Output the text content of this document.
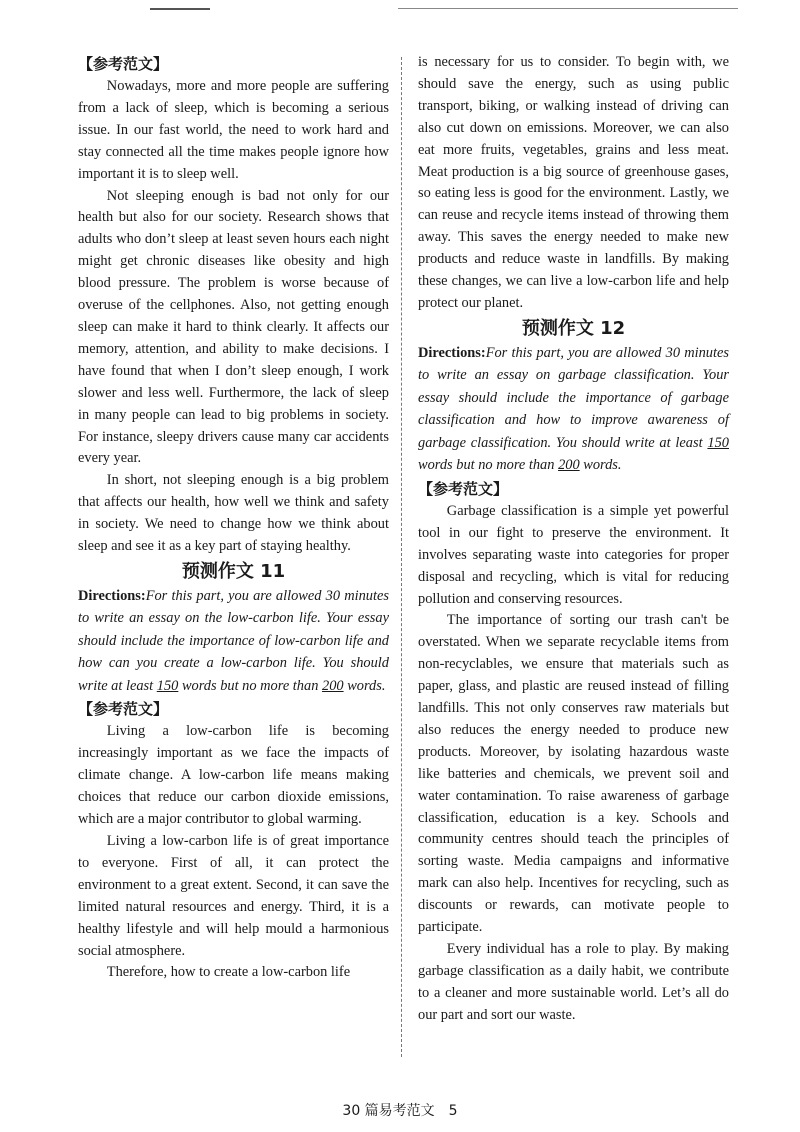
【参考范文】

Nowadays, more and more people are suffering from a lack of sleep, which is becoming a serious issue. In our fast world, the need to work hard and stay connected all the time makes people ignore how important it is to sleep well.

Not sleeping enough is bad not only for our health but also for our society. Research shows that adults who don’t sleep at least seven hours each night might get chronic diseases like obesity and high blood pressure. The problem is worse because of overuse of the cellphones. Also, not getting enough sleep can make it hard to think clearly. It affects our memory, attention, and ability to make decisions. I have found that when I don’t sleep enough, I work slower and less well. Furthermore, the lack of sleep in many people can lead to big problems in society. For instance, sleepy drivers cause many car accidents every year.

In short, not sleeping enough is a big problem that affects our health, how well we think and safety in society. We need to change how we think about sleep and see it as a key part of staying healthy.

预测作文 11

Directions:For this part, you are allowed 30 minutes to write an essay on the low-carbon life. Your essay should include the importance of low-carbon life and how can you create a low-carbon life. You should write at least 150 words but no more than 200 words.

【参考范文】

Living a low-carbon life is becoming increasingly important as we face the impacts of climate change. A low-carbon life means making choices that reduce our carbon dioxide emissions, which are a major contributor to global warming.

Living a low-carbon life is of great importance to everyone. First of all, it can protect the environment to a great extent. Second, it can save the limited natural resources and energy. Third, it is a healthy lifestyle and will help mould a harmonious social atmosphere.

Therefore, how to create a low-carbon life

is necessary for us to consider. To begin with, we should save the energy, such as using public transport, biking, or walking instead of driving can also cut down on emissions. Moreover, we can also eat more fruits, vegetables, grains and less meat. Meat production is a big source of greenhouse gases, so eating less is good for the environment. Lastly, we can reuse and recycle items instead of throwing them away. This saves the energy needed to make new products and reduce waste in landfills. By making these changes, we can live a low-carbon life and help protect our planet.

预测作文 12

Directions:For this part, you are allowed 30 minutes to write an essay on garbage classification. Your essay should include the importance of garbage classification and how to improve awareness of garbage classification. You should write at least 150 words but no more than 200 words.

【参考范文】

Garbage classification is a simple yet powerful tool in our fight to preserve the environment. It involves separating waste into categories for proper disposal and recycling, which is vital for reducing pollution and conserving resources.

The importance of sorting our trash can't be overstated. When we separate recyclable items from non-recyclables, we ensure that materials such as paper, glass, and plastic are reused instead of filling landfills. This not only conserves raw materials but also reduces the energy needed to produce new products. Moreover, by isolating hazardous waste like batteries and chemicals, we prevent soil and water contamination. To raise awareness of garbage classification, education is a key. Schools and community centres should teach the principles of sorting waste. Media campaigns and informative mark can also help. Incentives for recycling, such as discounts or rewards, can motivate people to participate.

Every individual has a role to play. By making garbage classification as a daily habit, we contribute to a cleaner and more sustainable world. Let’s all do our part and sort our waste.

30 篇易考范文　5
